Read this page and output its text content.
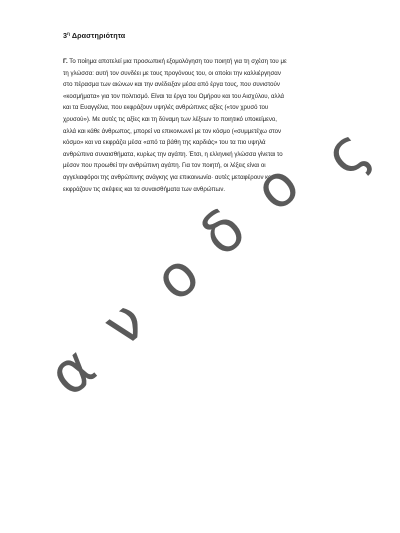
$3^\eta$ Δραστηριότητα
Γ. Το ποίημα αποτελεί μια προσωπική εξομολόγηση του ποιητή για τη σχέση του με
τη γλώσσα: αυτή τον συνδέει με τους προγόνους του, οι οποίοι την καλλιέργησαν
στο πέρασμα των αιώνων και την ανέδειξαν μέσα από έργα τους, που συνιστούν
«κοσμήματα» για τον πολιτισμό. Είναι τα έργα του Ομήρου και του Αισχύλου, αλλά
και τα Ευαγγέλια, που εκφράζουν υψηλές ανθρώπινες αξίες («τον χρυσό του
χρυσού»). Με αυτές τις αξίες και τη δύναμη των λέξεων το ποιητικό υποκείμενο,
αλλά και κάθε άνθρωπος, μπορεί να επικοινωνεί με τον κόσμο («συμμετέχω στον
κόσμο» και να εκφράζει μέσα «από τα βάθη της καρδιάς» του τα πιο υψηλά
ανθρώπινα συναισθήματα, κυρίως την αγάπη. Έτσι, η ελληνική γλώσσα γίνεται το
μέσον που προωθεί την ανθρώπινη αγάπη. Για τον ποιητή, οι λέξεις είναι οι
αγγελιαφόροι της ανθρώπινης ανάγκης για επικοινωνία· αυτές μεταφέρουν και
εκφράζουν τις σκέψεις και τα συναισθήματα των ανθρώπων.
α
ν
ο
δ
ο ς
